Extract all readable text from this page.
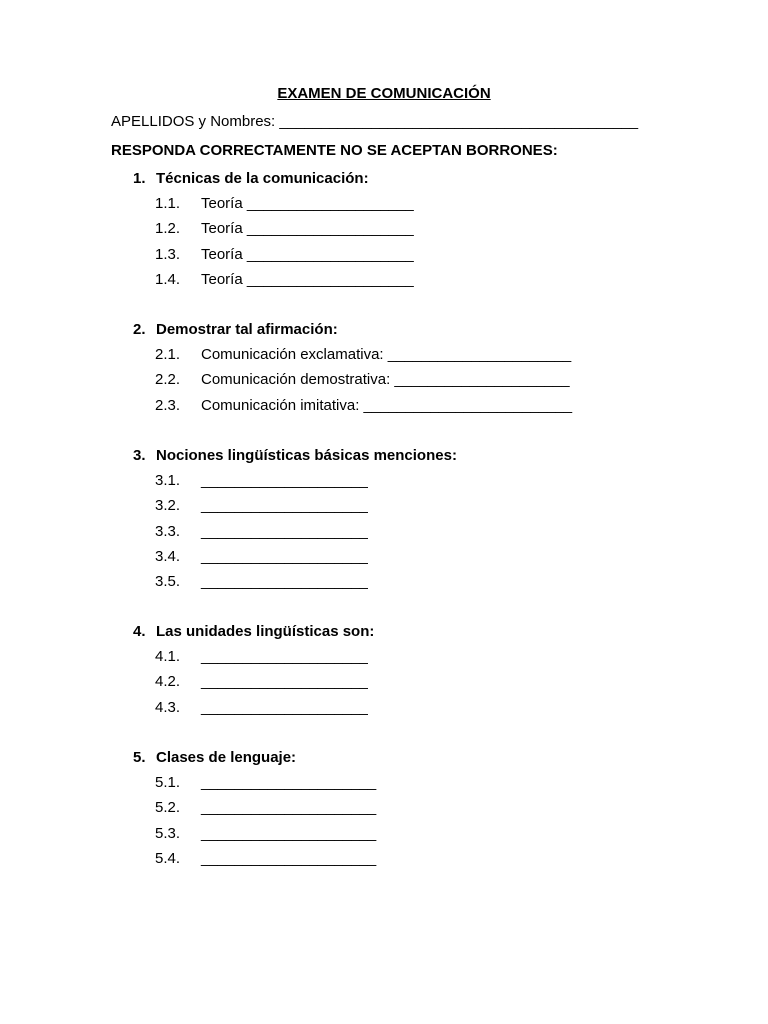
EXAMEN DE COMUNICACIÓN
APELLIDOS y Nombres: ___________________________________________
RESPONDA CORRECTAMENTE NO SE ACEPTAN BORRONES:
1. Técnicas de la comunicación:
1.1. Teoría ____________________
1.2. Teoría ____________________
1.3. Teoría ____________________
1.4. Teoría ____________________
2. Demostrar tal afirmación:
2.1. Comunicación exclamativa: ______________________
2.2. Comunicación demostrativa: _____________________
2.3. Comunicación imitativa: _________________________
3. Nociones lingüísticas básicas menciones:
3.1. ____________________
3.2. ____________________
3.3. ____________________
3.4. ____________________
3.5. ____________________
4. Las unidades lingüísticas son:
4.1. ____________________
4.2. ____________________
4.3. ____________________
5. Clases de lenguaje:
5.1. _____________________
5.2. _____________________
5.3. _____________________
5.4. _____________________
